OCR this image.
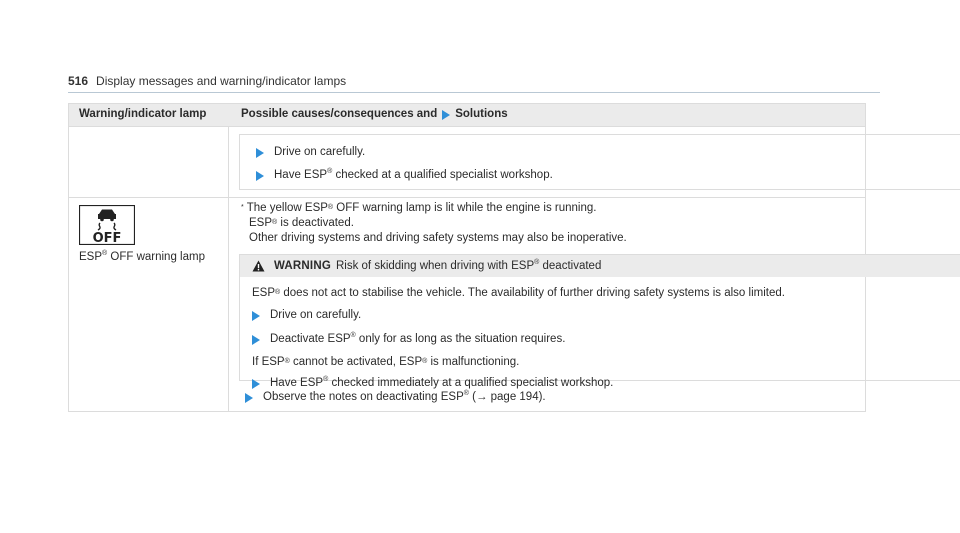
516 Display messages and warning/indicator lamps
Warning/indicator lamp	Possible causes/consequences and Solutions
Drive on carefully.
Have ESP® checked at a qualified specialist workshop.
OFF
ESP® OFF warning lamp
* The yellow ESP® OFF warning lamp is lit while the engine is running.
ESP® is deactivated.
Other driving systems and driving safety systems may also be inoperative.
WARNING Risk of skidding when driving with ESP® deactivated
ESP® does not act to stabilise the vehicle. The availability of further driving safety systems is also limited.
Drive on carefully.
Deactivate ESP® only for as long as the situation requires.
If ESP® cannot be activated, ESP® is malfunctioning.
Have ESP® checked immediately at a qualified specialist workshop.
Observe the notes on deactivating ESP® (→ page 194).
